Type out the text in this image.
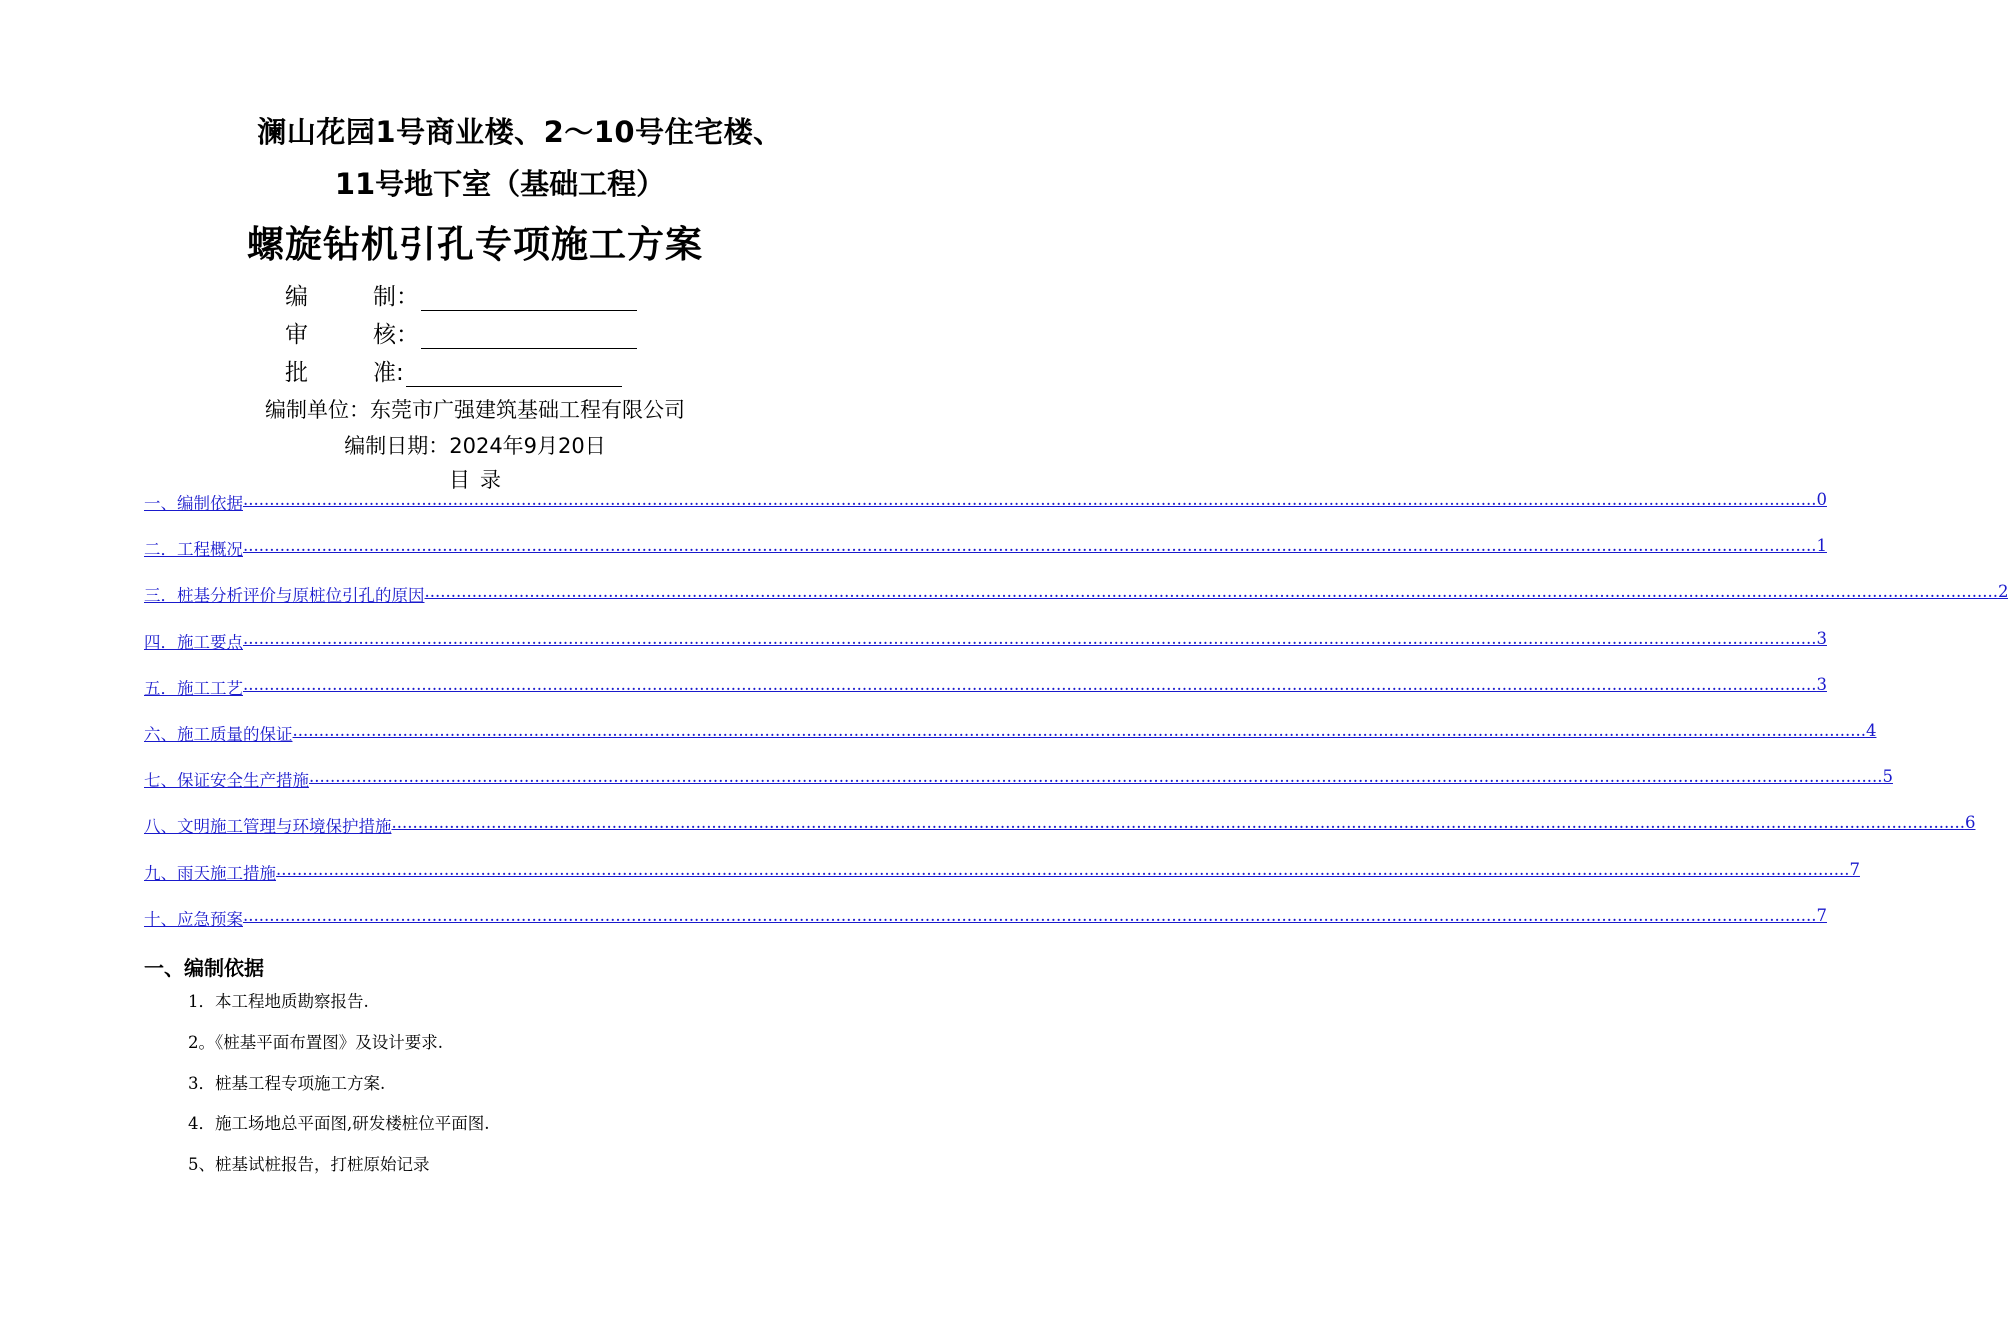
澜山花园1号商业楼、2～10号住宅楼、
11号地下室（基础工程）
螺旋钻机引孔专项施工方案
编	制：
审	核：
批	准:
编制单位：东莞市广强建筑基础工程有限公司
编制日期：2024年9月20日
目录
一、编制依据 ............................................................................................................................................................................................................................................................................................................ 0
二．工程概况 ............................................................................................................................................................................................................................................................................................................ 1
三．桩基分析评价与原桩位引孔的原因 ............................................................................................................................................................................................................................................................................................................ 2
四．施工要点 ............................................................................................................................................................................................................................................................................................................ 3
五．施工工艺 ............................................................................................................................................................................................................................................................................................................ 3
六、施工质量的保证 ............................................................................................................................................................................................................................................................................................................ 4
七、保证安全生产措施 ............................................................................................................................................................................................................................................................................................................ 5
八、文明施工管理与环境保护措施 ............................................................................................................................................................................................................................................................................................................ 6
九、雨天施工措施 ............................................................................................................................................................................................................................................................................................................ 7
十、应急预案 ............................................................................................................................................................................................................................................................................................................ 7
一、编制依据
1．本工程地质勘察报告.
2。《桩基平面布置图》及设计要求.
3．桩基工程专项施工方案.
4．施工场地总平面图,研发楼桩位平面图.
5、桩基试桩报告，打桩原始记录
